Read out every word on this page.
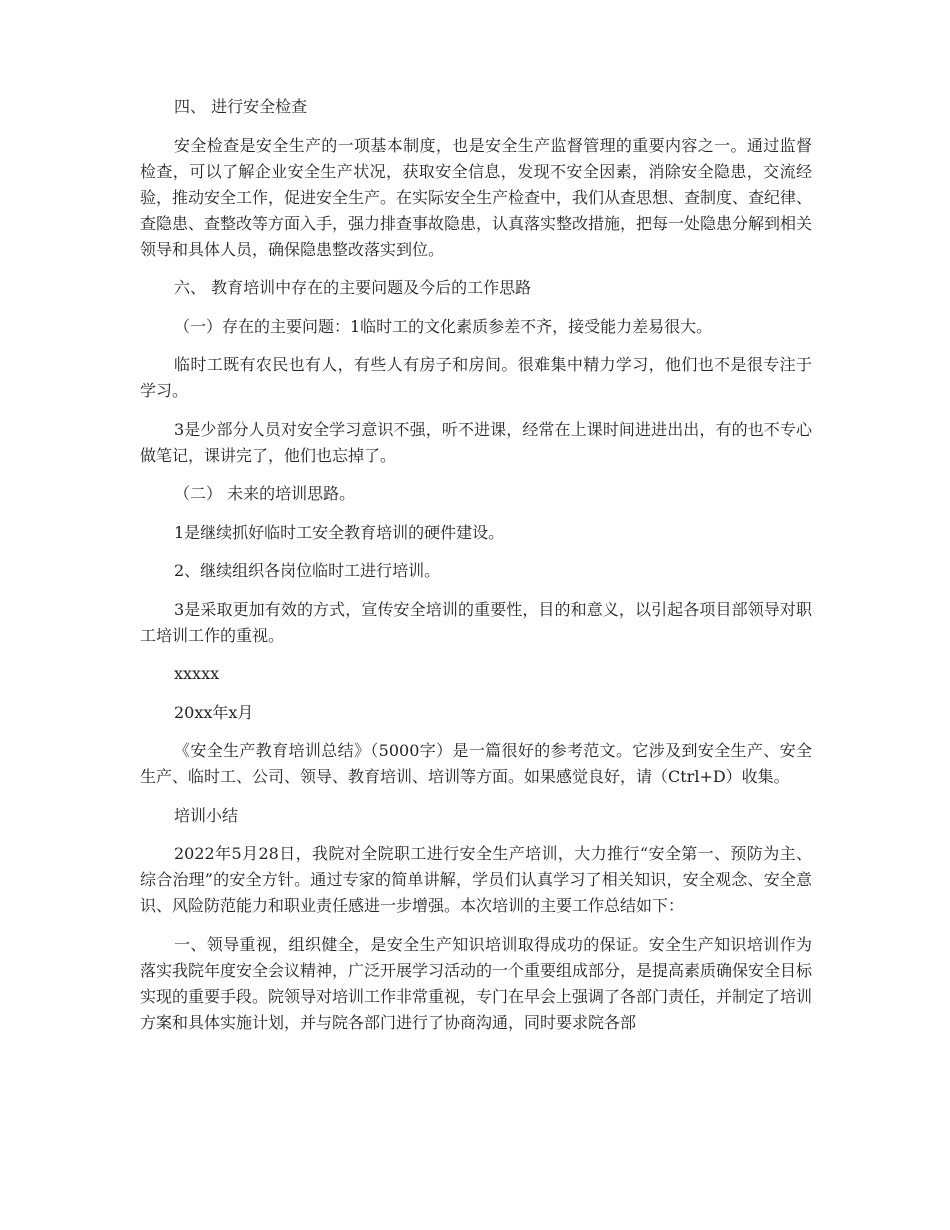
四、 进行安全检查

安全检查是安全生产的一项基本制度，也是安全生产监督管理的重要内容之一。通过监督检查，可以了解企业安全生产状况，获取安全信息，发现不安全因素，消除安全隐患，交流经验，推动安全工作，促进安全生产。在实际安全生产检查中，我们从查思想、查制度、查纪律、查隐患、查整改等方面入手，强力排查事故隐患，认真落实整改措施，把每一处隐患分解到相关领导和具体人员，确保隐患整改落实到位。

六、 教育培训中存在的主要问题及今后的工作思路

（一）存在的主要问题：1临时工的文化素质参差不齐，接受能力差易很大。

临时工既有农民也有人，有些人有房子和房间。很难集中精力学习，他们也不是很专注于学习。

3是少部分人员对安全学习意识不强，听不进课，经常在上课时间进进出出，有的也不专心做笔记，课讲完了，他们也忘掉了。

（二） 未来的培训思路。

1是继续抓好临时工安全教育培训的硬件建设。

2、继续组织各岗位临时工进行培训。

3是采取更加有效的方式，宣传安全培训的重要性，目的和意义，以引起各项目部领导对职工培训工作的重视。

xxxxx

20xx年x月

《安全生产教育培训总结》（5000字）是一篇很好的参考范文。它涉及到安全生产、安全生产、临时工、公司、领导、教育培训、培训等方面。如果感觉良好，请（Ctrl+D）收集。

培训小结

2022年5月28日，我院对全院职工进行安全生产培训，大力推行“安全第一、预防为主、综合治理”的安全方针。通过专家的简单讲解，学员们认真学习了相关知识，安全观念、安全意识、风险防范能力和职业责任感进一步增强。本次培训的主要工作总结如下：

一、领导重视，组织健全，是安全生产知识培训取得成功的保证。安全生产知识培训作为落实我院年度安全会议精神，广泛开展学习活动的一个重要组成部分，是提高素质确保安全目标实现的重要手段。院领导对培训工作非常重视，专门在早会上强调了各部门责任，并制定了培训方案和具体实施计划，并与院各部门进行了协商沟通，同时要求院各部
